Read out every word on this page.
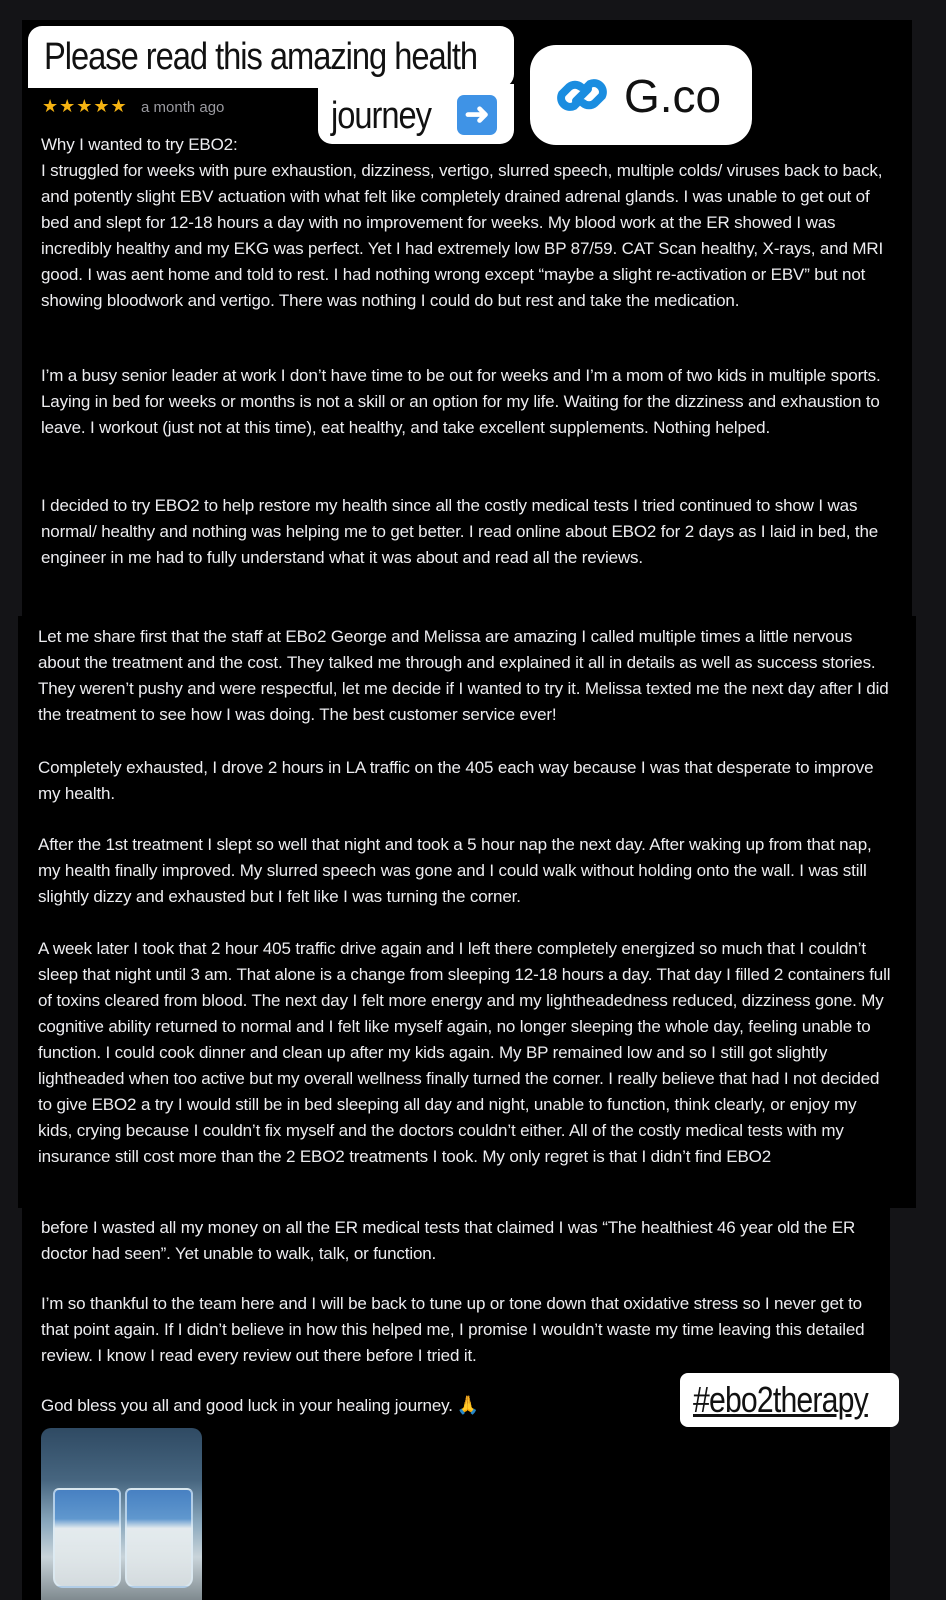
★★★★★ a month ago

Why I wanted to try EBO2:
I struggled for weeks with pure exhaustion, dizziness, vertigo, slurred speech, multiple colds/ viruses back to back, and potently slight EBV actuation with what felt like completely drained adrenal glands. I was unable to get out of bed and slept for 12-18 hours a day with no improvement for weeks. My blood work at the ER showed I was incredibly healthy and my EKG was perfect. Yet I had extremely low BP 87/59. CAT Scan healthy, X-rays, and MRI good. I was aent home and told to rest. I had nothing wrong except “maybe a slight re-activation or EBV” but not showing bloodwork and vertigo. There was nothing I could do but rest and take the medication.

I’m a busy senior leader at work I don’t have time to be out for weeks and I’m a mom of two kids in multiple sports. Laying in bed for weeks or months is not a skill or an option for my life. Waiting for the dizziness and exhaustion to leave. I workout (just not at this time), eat healthy, and take excellent supplements. Nothing helped.

I decided to try EBO2 to help restore my health since all the costly medical tests I tried continued to show I was normal/ healthy and nothing was helping me to get better. I read online about EBO2 for 2 days as I laid in bed, the engineer in me had to fully understand what it was about and read all the reviews.

Let me share first that the staff at EBo2 George and Melissa are amazing I called multiple times a little nervous about the treatment and the cost. They talked me through and explained it all in details as well as success stories. They weren’t pushy and were respectful, let me decide if I wanted to try it. Melissa texted me the next day after I did the treatment to see how I was doing. The best customer service ever!

Completely exhausted, I drove 2 hours in LA traffic on the 405 each way because I was that desperate to improve my health.

After the 1st treatment I slept so well that night and took a 5 hour nap the next day. After waking up from that nap, my health finally improved. My slurred speech was gone and I could walk without holding onto the wall. I was still slightly dizzy and exhausted but I felt like I was turning the corner.

A week later I took that 2 hour 405 traffic drive again and I left there completely energized so much that I couldn’t sleep that night until 3 am. That alone is a change from sleeping 12-18 hours a day. That day I filled 2 containers full of toxins cleared from blood. The next day I felt more energy and my lightheadedness reduced, dizziness gone. My cognitive ability returned to normal and I felt like myself again, no longer sleeping the whole day, feeling unable to function. I could cook dinner and clean up after my kids again. My BP remained low and so I still got slightly lightheaded when too active but my overall wellness finally turned the corner. I really believe that had I not decided to give EBO2 a try I would still be in bed sleeping all day and night, unable to function, think clearly, or enjoy my kids, crying because I couldn’t fix myself and the doctors couldn’t either. All of the costly medical tests with my insurance still cost more than the 2 EBO2 treatments I took. My only regret is that I didn’t find EBO2

before I wasted all my money on all the ER medical tests that claimed I was “The healthiest 46 year old the ER doctor had seen”. Yet unable to walk, talk, or function.

I’m so thankful to the team here and I will be back to tune up or tone down that oxidative stress so I never get to that point again. If I didn’t believe in how this helped me, I promise I wouldn’t waste my time leaving this detailed review. I know I read every review out there before I tried it.

God bless you all and good luck in your healing journey. 🙏

Please read this amazing health
journey ➜	G.co
#ebo2therapy
